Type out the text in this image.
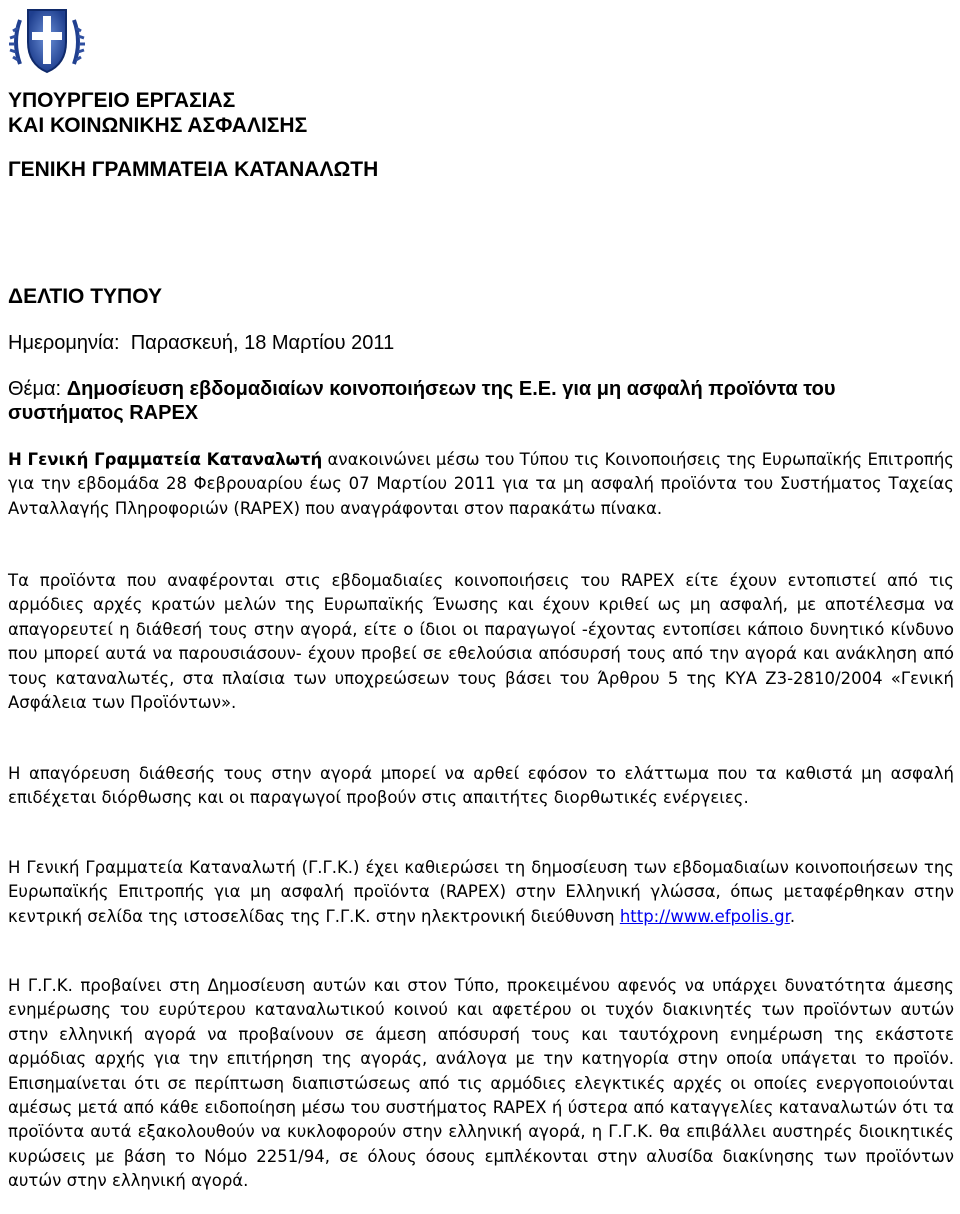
ΥΠΟΥΡΓΕΙΟ ΕΡΓΑΣΙΑΣ

ΚΑΙ ΚΟΙΝΩΝΙΚΗΣ ΑΣΦΑΛΙΣΗΣ

ΓΕΝΙΚΗ ΓΡΑΜΜΑΤΕΙΑ ΚΑΤΑΝΑΛΩΤΗ

ΔΕΛΤΙΟ ΤΥΠΟΥ

Ημερομηνία: Παρασκευή, 18 Μαρτίου 2011

Θέμα: Δημοσίευση εβδομαδιαίων κοινοποιήσεων της Ε.Ε. για μη ασφαλή προϊόντα του συστήματος RAPEX

Η Γενική Γραμματεία Καταναλωτή ανακοινώνει μέσω του Τύπου τις Κοινοποιήσεις της Ευρωπαϊκής Επιτροπής για την εβδομάδα 28 Φεβρουαρίου έως 07 Μαρτίου 2011 για τα μη ασφαλή προϊόντα του Συστήματος Ταχείας Ανταλλαγής Πληροφοριών (RAPEX) που αναγράφονται στον παρακάτω πίνακα.

Τα προϊόντα που αναφέρονται στις εβδομαδιαίες κοινοποιήσεις του RAPEX είτε έχουν εντοπιστεί από τις αρμόδιες αρχές κρατών μελών της Ευρωπαϊκής Ένωσης και έχουν κριθεί ως μη ασφαλή, με αποτέλεσμα να απαγορευτεί η διάθεσή τους στην αγορά, είτε ο ίδιοι οι παραγωγοί -έχοντας εντοπίσει κάποιο δυνητικό κίνδυνο που μπορεί αυτά να παρουσιάσουν- έχουν προβεί σε εθελούσια απόσυρσή τους από την αγορά και ανάκληση από τους καταναλωτές, στα πλαίσια των υποχρεώσεων τους βάσει του Άρθρου 5 της ΚΥΑ Ζ3-2810/2004 «Γενική Ασφάλεια των Προϊόντων».

Η απαγόρευση διάθεσής τους στην αγορά μπορεί να αρθεί εφόσον το ελάττωμα που τα καθιστά μη ασφαλή επιδέχεται διόρθωσης και οι παραγωγοί προβούν στις απαιτήτες διορθωτικές ενέργειες.

Η Γενική Γραμματεία Καταναλωτή (Γ.Γ.Κ.) έχει καθιερώσει τη δημοσίευση των εβδομαδιαίων κοινοποιήσεων της Ευρωπαϊκής Επιτροπής για μη ασφαλή προϊόντα (RAPEX) στην Ελληνική γλώσσα, όπως μεταφέρθηκαν στην κεντρική σελίδα της ιστοσελίδας της Γ.Γ.Κ. στην ηλεκτρονική διεύθυνση http://www.efpolis.gr.

Η Γ.Γ.Κ. προβαίνει στη Δημοσίευση αυτών και στον Τύπο, προκειμένου αφενός να υπάρχει δυνατότητα άμεσης ενημέρωσης του ευρύτερου καταναλωτικού κοινού και αφετέρου οι τυχόν διακινητές των προϊόντων αυτών στην ελληνική αγορά να προβαίνουν σε άμεση απόσυρσή τους και ταυτόχρονη ενημέρωση της εκάστοτε αρμόδιας αρχής για την επιτήρηση της αγοράς, ανάλογα με την κατηγορία στην οποία υπάγεται το προϊόν. Επισημαίνεται ότι σε περίπτωση διαπιστώσεως από τις αρμόδιες ελεγκτικές αρχές οι οποίες ενεργοποιούνται αμέσως μετά από κάθε ειδοποίηση μέσω του συστήματος RAPEX ή ύστερα από καταγγελίες καταναλωτών ότι τα προϊόντα αυτά εξακολουθούν να κυκλοφορούν στην ελληνική αγορά, η Γ.Γ.Κ. θα επιβάλλει αυστηρές διοικητικές κυρώσεις με βάση το Νόμο 2251/94, σε όλους όσους εμπλέκονται στην αλυσίδα διακίνησης των προϊόντων αυτών στην ελληνική αγορά.
